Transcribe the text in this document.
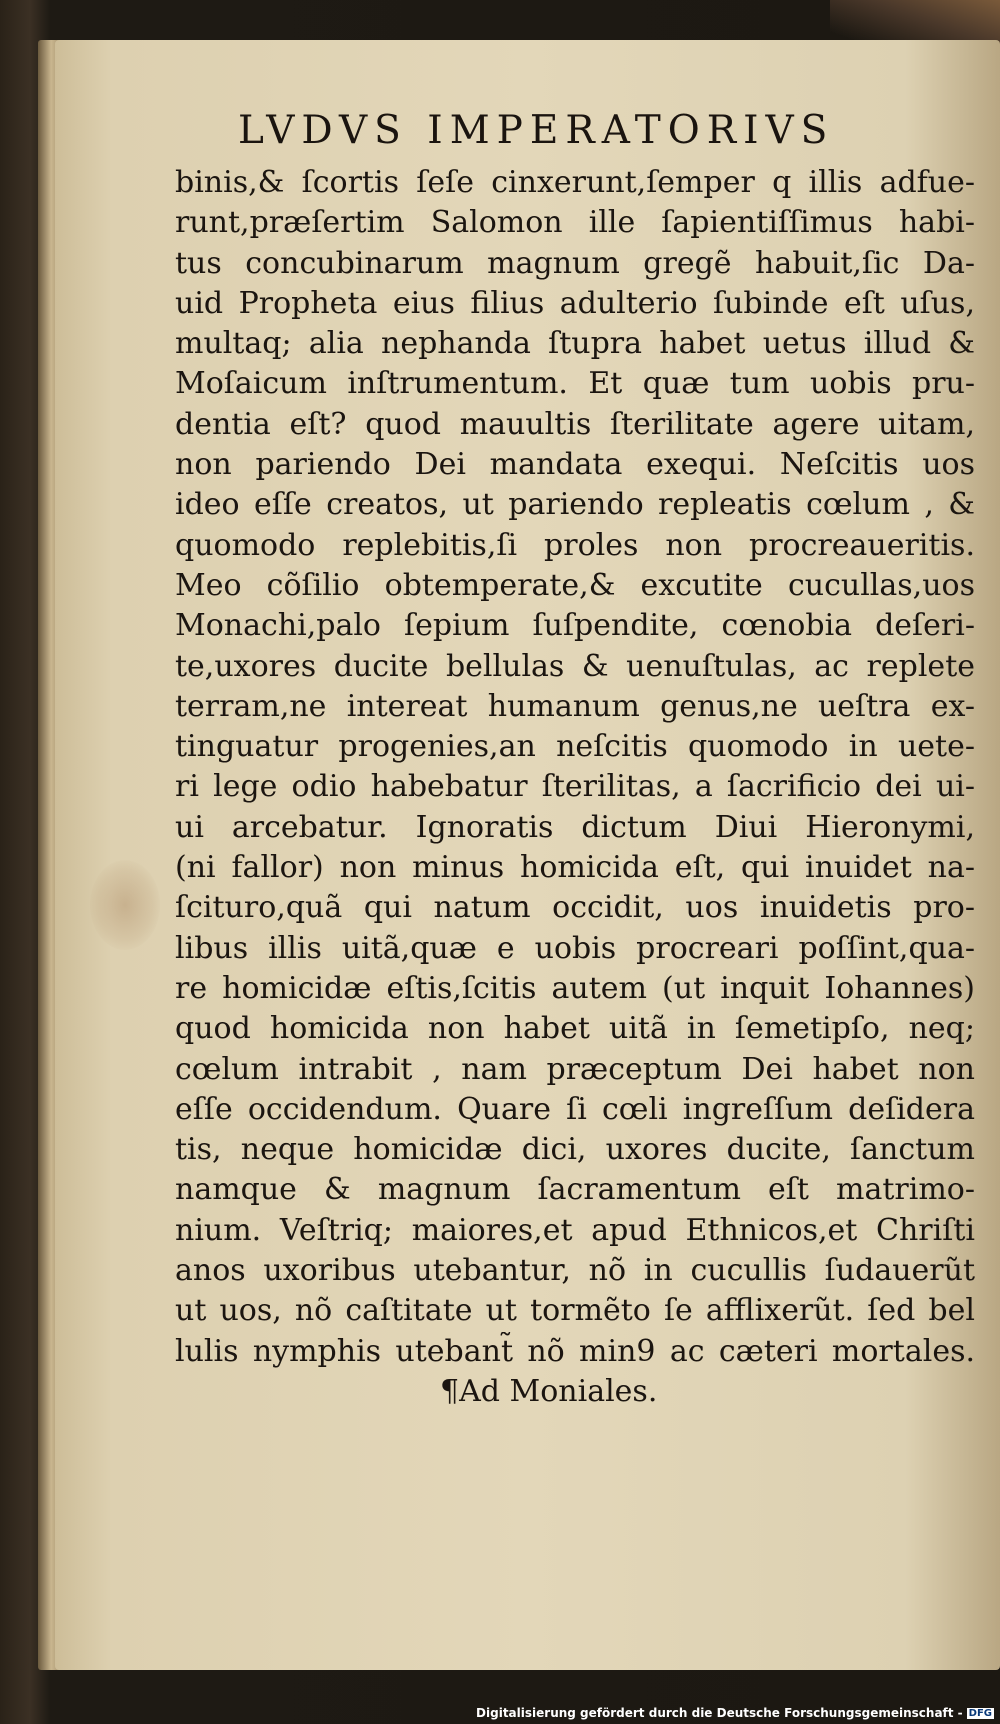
LVDVS IMPERATORIVS
binis,& ſcortis ſeſe cinxerunt,ſemper q illis adfue-
runt,præſertim Salomon ille ſapientiſſimus habi-
tus concubinarum magnum gregẽ habuit,ſic Da-
uid Propheta eius filius adulterio ſubinde eſt uſus,
multaq; alia nephanda ſtupra habet uetus illud &
Moſaicum inſtrumentum. Et quæ tum uobis pru-
dentia eſt? quod mauultis ſterilitate agere uitam,
non pariendo Dei mandata exequi. Neſcitis uos
ideo eſſe creatos, ut pariendo repleatis cœlum , &
quomodo replebitis,ſi proles non procreaueritis.
Meo cõſilio obtemperate,& excutite cucullas,uos
Monachi,palo ſepium ſuſpendite, cœnobia deſeri-
te,uxores ducite bellulas & uenuſtulas, ac replete
terram,ne intereat humanum genus,ne ueſtra ex-
tinguatur progenies,an neſcitis quomodo in uete-
ri lege odio habebatur ſterilitas, a ſacrificio dei ui-
ui arcebatur. Ignoratis dictum Diui Hieronymi,
(ni fallor) non minus homicida eſt, qui inuidet na-
ſcituro,quã qui natum occidit, uos inuidetis pro-
libus illis uitã,quæ e uobis procreari poſſint,qua-
re homicidæ eſtis,ſcitis autem (ut inquit Iohannes)
quod homicida non habet uitã in ſemetipſo, neq;
cœlum intrabit , nam præceptum Dei habet non
eſſe occidendum. Quare ſi cœli ingreſſum deſidera
tis, neque homicidæ dici, uxores ducite, ſanctum
namque & magnum ſacramentum eſt matrimo-
nium. Veſtriq; maiores,et apud Ethnicos,et Chriſti
anos uxoribus utebantur, nõ in cucullis ſudauerũt
ut uos, nõ caſtitate ut tormẽto ſe afflixerũt. ſed bel
lulis nymphis utebant̃ nõ min9 ac cæteri mortales.
¶Ad Moniales.
Digitalisierung gefördert durch die Deutsche Forschungsgemeinschaft - DFG
